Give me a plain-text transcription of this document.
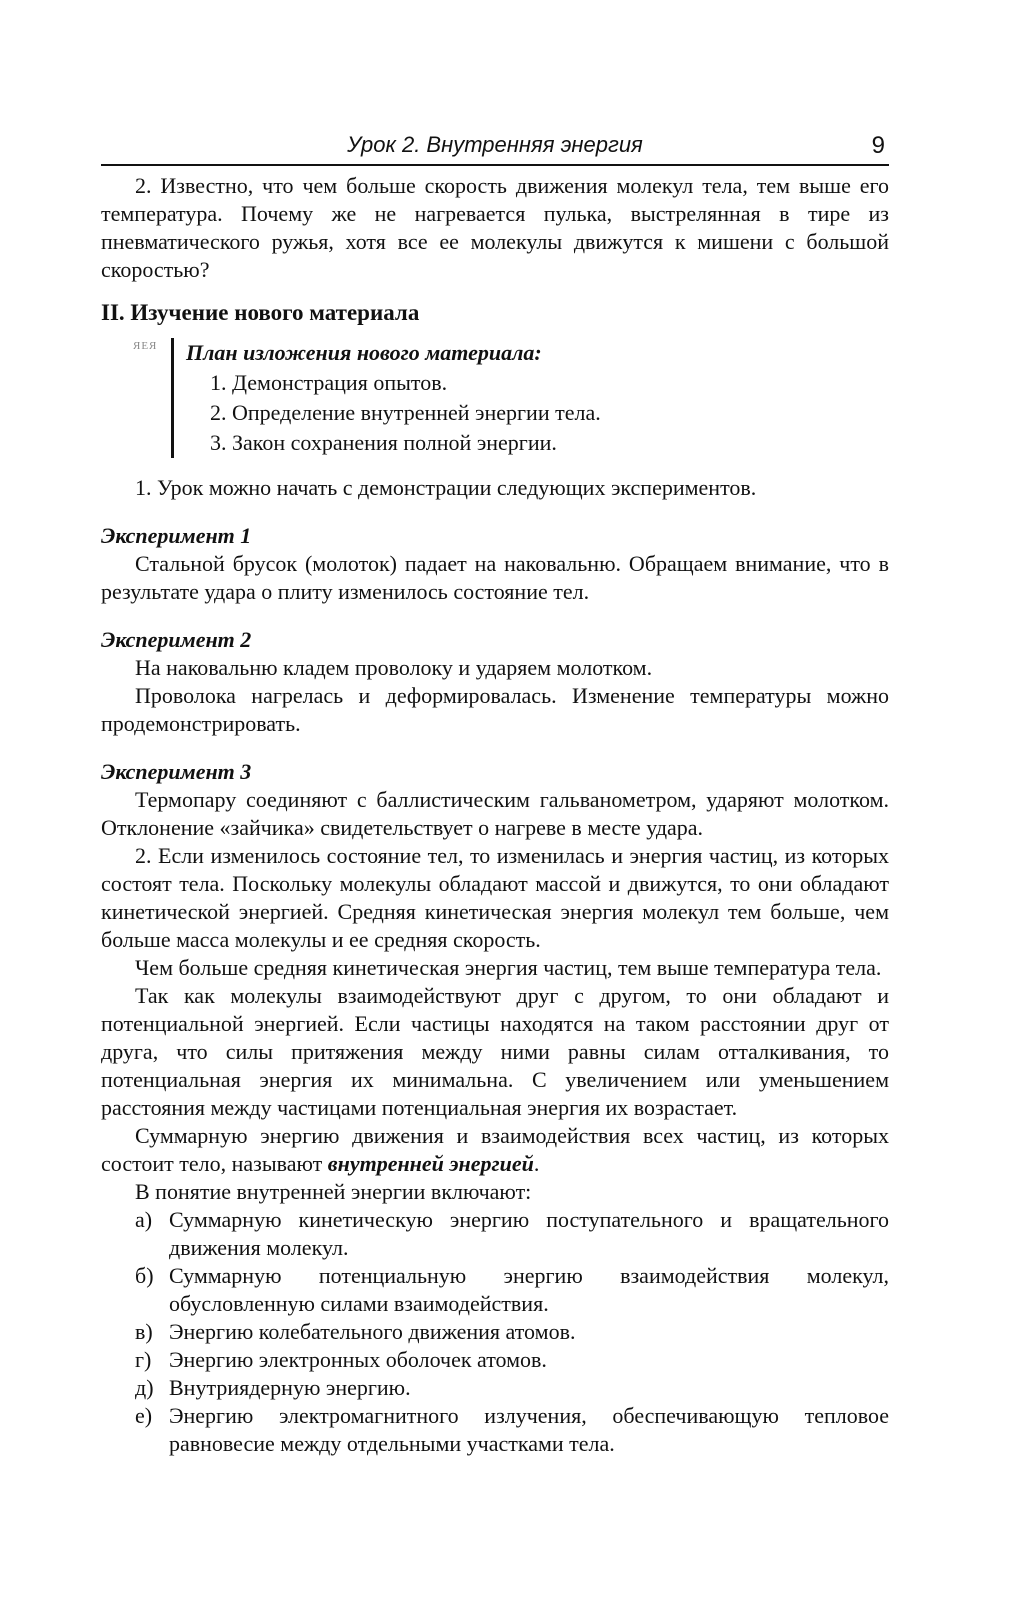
Урок 2. Внутренняя энергия	9

2. Известно, что чем больше скорость движения молекул тела, тем выше его температура. Почему же не нагревается пулька, выстрелянная в тире из пневматического ружья, хотя все ее молекулы движутся к мишени с большой скоростью?

II. Изучение нового материала
ЯЕЯ План изложения нового материала:
1. Демонстрация опытов.
2. Определение внутренней энергии тела.
3. Закон сохранения полной энергии.

1. Урок можно начать с демонстрации следующих экспериментов.

Эксперимент 1

Стальной брусок (молоток) падает на наковальню. Обращаем внимание, что в результате удара о плиту изменилось состояние тел.

Эксперимент 2

На наковальню кладем проволоку и ударяем молотком.

Проволока нагрелась и деформировалась. Изменение температуры можно продемонстрировать.

Эксперимент 3

Термопару соединяют с баллистическим гальванометром, ударяют молотком. Отклонение «зайчика» свидетельствует о нагреве в месте удара.

2. Если изменилось состояние тел, то изменилась и энергия частиц, из которых состоят тела. Поскольку молекулы обладают массой и движутся, то они обладают кинетической энергией. Средняя кинетическая энергия молекул тем больше, чем больше масса молекулы и ее средняя скорость.

Чем больше средняя кинетическая энергия частиц, тем выше температура тела.

Так как молекулы взаимодействуют друг с другом, то они обладают и потенциальной энергией. Если частицы находятся на таком расстоянии друг от друга, что силы притяжения между ними равны силам отталкивания, то потенциальная энергия их минимальна. С увеличением или уменьшением расстояния между частицами потенциальная энергия их возрастает.

Суммарную энергию движения и взаимодействия всех частиц, из которых состоит тело, называют внутренней энергией.

В понятие внутренней энергии включают:

а) Суммарную кинетическую энергию поступательного и вращательного движения молекул.
б) Суммарную потенциальную энергию взаимодействия молекул, обусловленную силами взаимодействия.
в) Энергию колебательного движения атомов.
г) Энергию электронных оболочек атомов.
д) Внутриядерную энергию.
е) Энергию электромагнитного излучения, обеспечивающую тепловое равновесие между отдельными участками тела.
